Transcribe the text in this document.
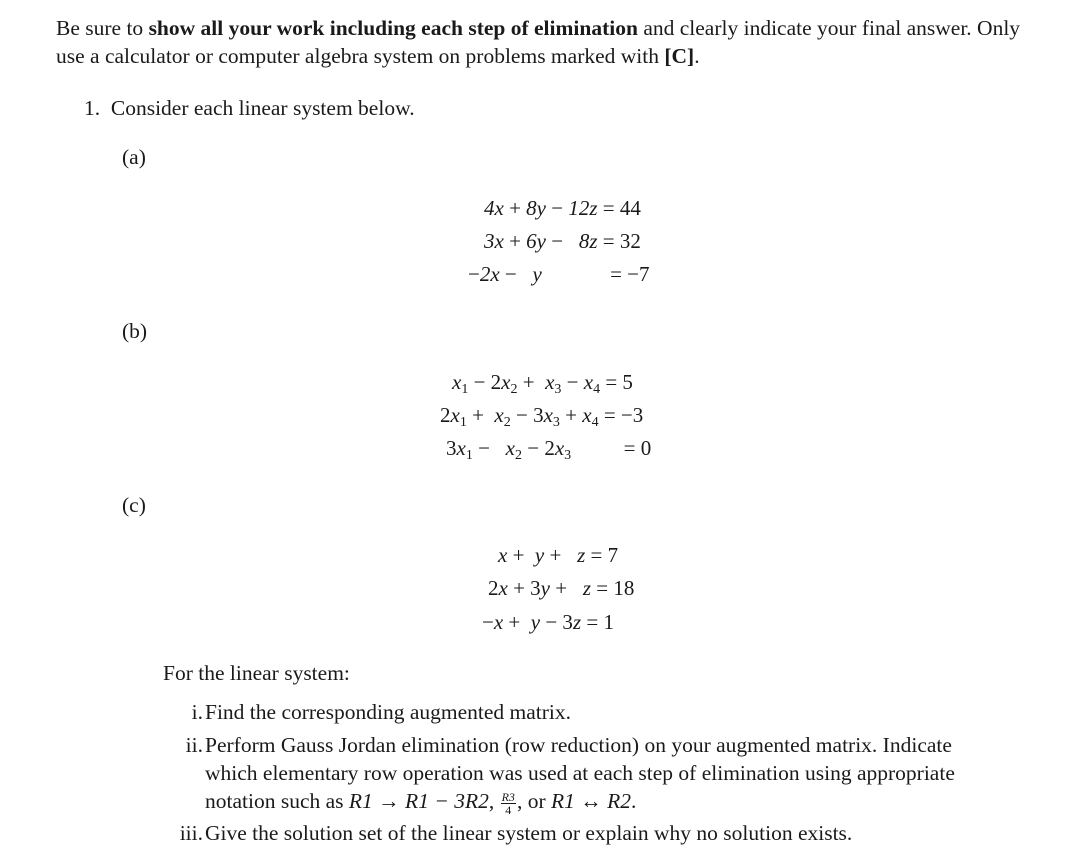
Be sure to show all your work including each step of elimination and clearly indicate your final answer. Only use a calculator or computer algebra system on problems marked with [C].
1. Consider each linear system below.
(a)
4x + 8y − 12z = 44
3x + 6y −   8z = 32
−2x −   y             = −7
(b)
$x_1 - 2x_2 + x_3 - x_4 = 5$
$2x_1 + x_2 - 3x_3 + x_4 = -3$
$3x_1 - x_2 - 2x_3$          = 0
(c)
x +  y +   z = 7
2x + 3y +   z = 18
−x +  y − 3z = 1
For the linear system:
i. Find the corresponding augmented matrix.
ii. Perform Gauss Jordan elimination (row reduction) on your augmented matrix. Indicate which elementary row operation was used at each step of elimination using appropriate notation such as R1 → R1 − 3R2, $\frac{R3}{4}$ , or R1 ↔ R2.
iii. Give the solution set of the linear system or explain why no solution exists.
